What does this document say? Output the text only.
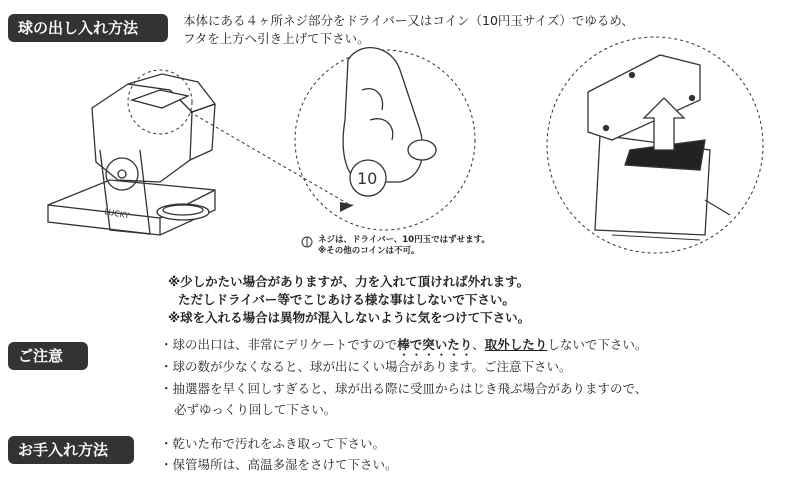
球の出し入れ方法
ご注意
お手入れ方法
本体にある４ヶ所ネジ部分をドライバー又はコイン（10円玉サイズ）でゆるめ、
フタを上方へ引き上げて下さい。
LUCKY
10
ネジは、ドライバー、10円玉ではずせます。
※その他のコインは不可。
※少しかたい場合がありますが、力を入れて頂ければ外れます。
ただしドライバー等でこじあける様な事はしないで下さい。
※球を入れる場合は異物が混入しないように気をつけて下さい。
・球の出口は、非常にデリケートですので棒で突いたり、取外したりしないで下さい。
・球の数が少なくなると、球が出にくい場合があります。ご注意下さい。
・抽選器を早く回しすぎると、球が出る際に受皿からはじき飛ぶ場合がありますので、
必ずゆっくり回して下さい。
・乾いた布で汚れをふき取って下さい。
・保管場所は、高温多湿をさけて下さい。
